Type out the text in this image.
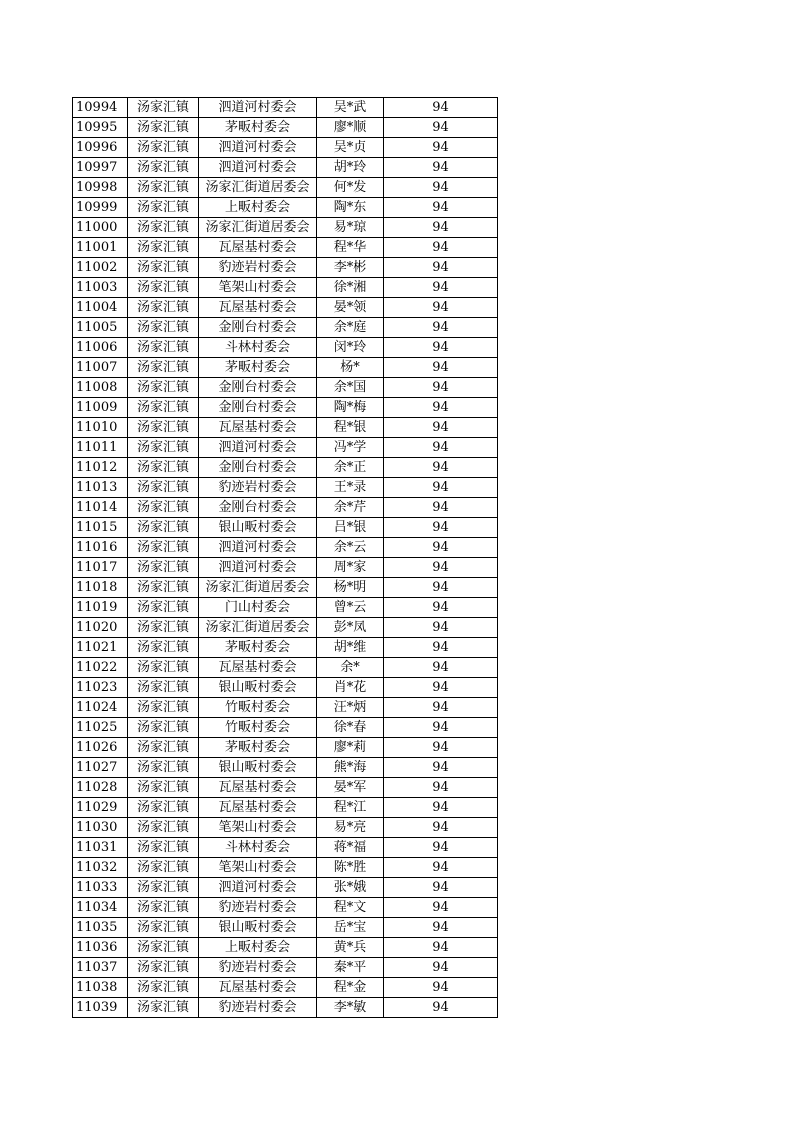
10994	汤家汇镇	泗道河村委会	吴*武	94
10995	汤家汇镇	茅畈村委会	廖*顺	94
10996	汤家汇镇	泗道河村委会	吴*贞	94
10997	汤家汇镇	泗道河村委会	胡*玲	94
10998	汤家汇镇	汤家汇街道居委会	何*发	94
10999	汤家汇镇	上畈村委会	陶*东	94
11000	汤家汇镇	汤家汇街道居委会	易*琼	94
11001	汤家汇镇	瓦屋基村委会	程*华	94
11002	汤家汇镇	豹迹岩村委会	李*彬	94
11003	汤家汇镇	笔架山村委会	徐*湘	94
11004	汤家汇镇	瓦屋基村委会	晏*领	94
11005	汤家汇镇	金刚台村委会	余*庭	94
11006	汤家汇镇	斗林村委会	闵*玲	94
11007	汤家汇镇	茅畈村委会	杨*	94
11008	汤家汇镇	金刚台村委会	余*国	94
11009	汤家汇镇	金刚台村委会	陶*梅	94
11010	汤家汇镇	瓦屋基村委会	程*银	94
11011	汤家汇镇	泗道河村委会	冯*学	94
11012	汤家汇镇	金刚台村委会	余*正	94
11013	汤家汇镇	豹迹岩村委会	王*录	94
11014	汤家汇镇	金刚台村委会	余*芹	94
11015	汤家汇镇	银山畈村委会	吕*银	94
11016	汤家汇镇	泗道河村委会	余*云	94
11017	汤家汇镇	泗道河村委会	周*家	94
11018	汤家汇镇	汤家汇街道居委会	杨*明	94
11019	汤家汇镇	门山村委会	曾*云	94
11020	汤家汇镇	汤家汇街道居委会	彭*凤	94
11021	汤家汇镇	茅畈村委会	胡*维	94
11022	汤家汇镇	瓦屋基村委会	余*	94
11023	汤家汇镇	银山畈村委会	肖*花	94
11024	汤家汇镇	竹畈村委会	汪*炳	94
11025	汤家汇镇	竹畈村委会	徐*春	94
11026	汤家汇镇	茅畈村委会	廖*莉	94
11027	汤家汇镇	银山畈村委会	熊*海	94
11028	汤家汇镇	瓦屋基村委会	晏*军	94
11029	汤家汇镇	瓦屋基村委会	程*江	94
11030	汤家汇镇	笔架山村委会	易*亮	94
11031	汤家汇镇	斗林村委会	蒋*福	94
11032	汤家汇镇	笔架山村委会	陈*胜	94
11033	汤家汇镇	泗道河村委会	张*娥	94
11034	汤家汇镇	豹迹岩村委会	程*文	94
11035	汤家汇镇	银山畈村委会	岳*宝	94
11036	汤家汇镇	上畈村委会	黄*兵	94
11037	汤家汇镇	豹迹岩村委会	秦*平	94
11038	汤家汇镇	瓦屋基村委会	程*金	94
11039	汤家汇镇	豹迹岩村委会	李*敏	94
